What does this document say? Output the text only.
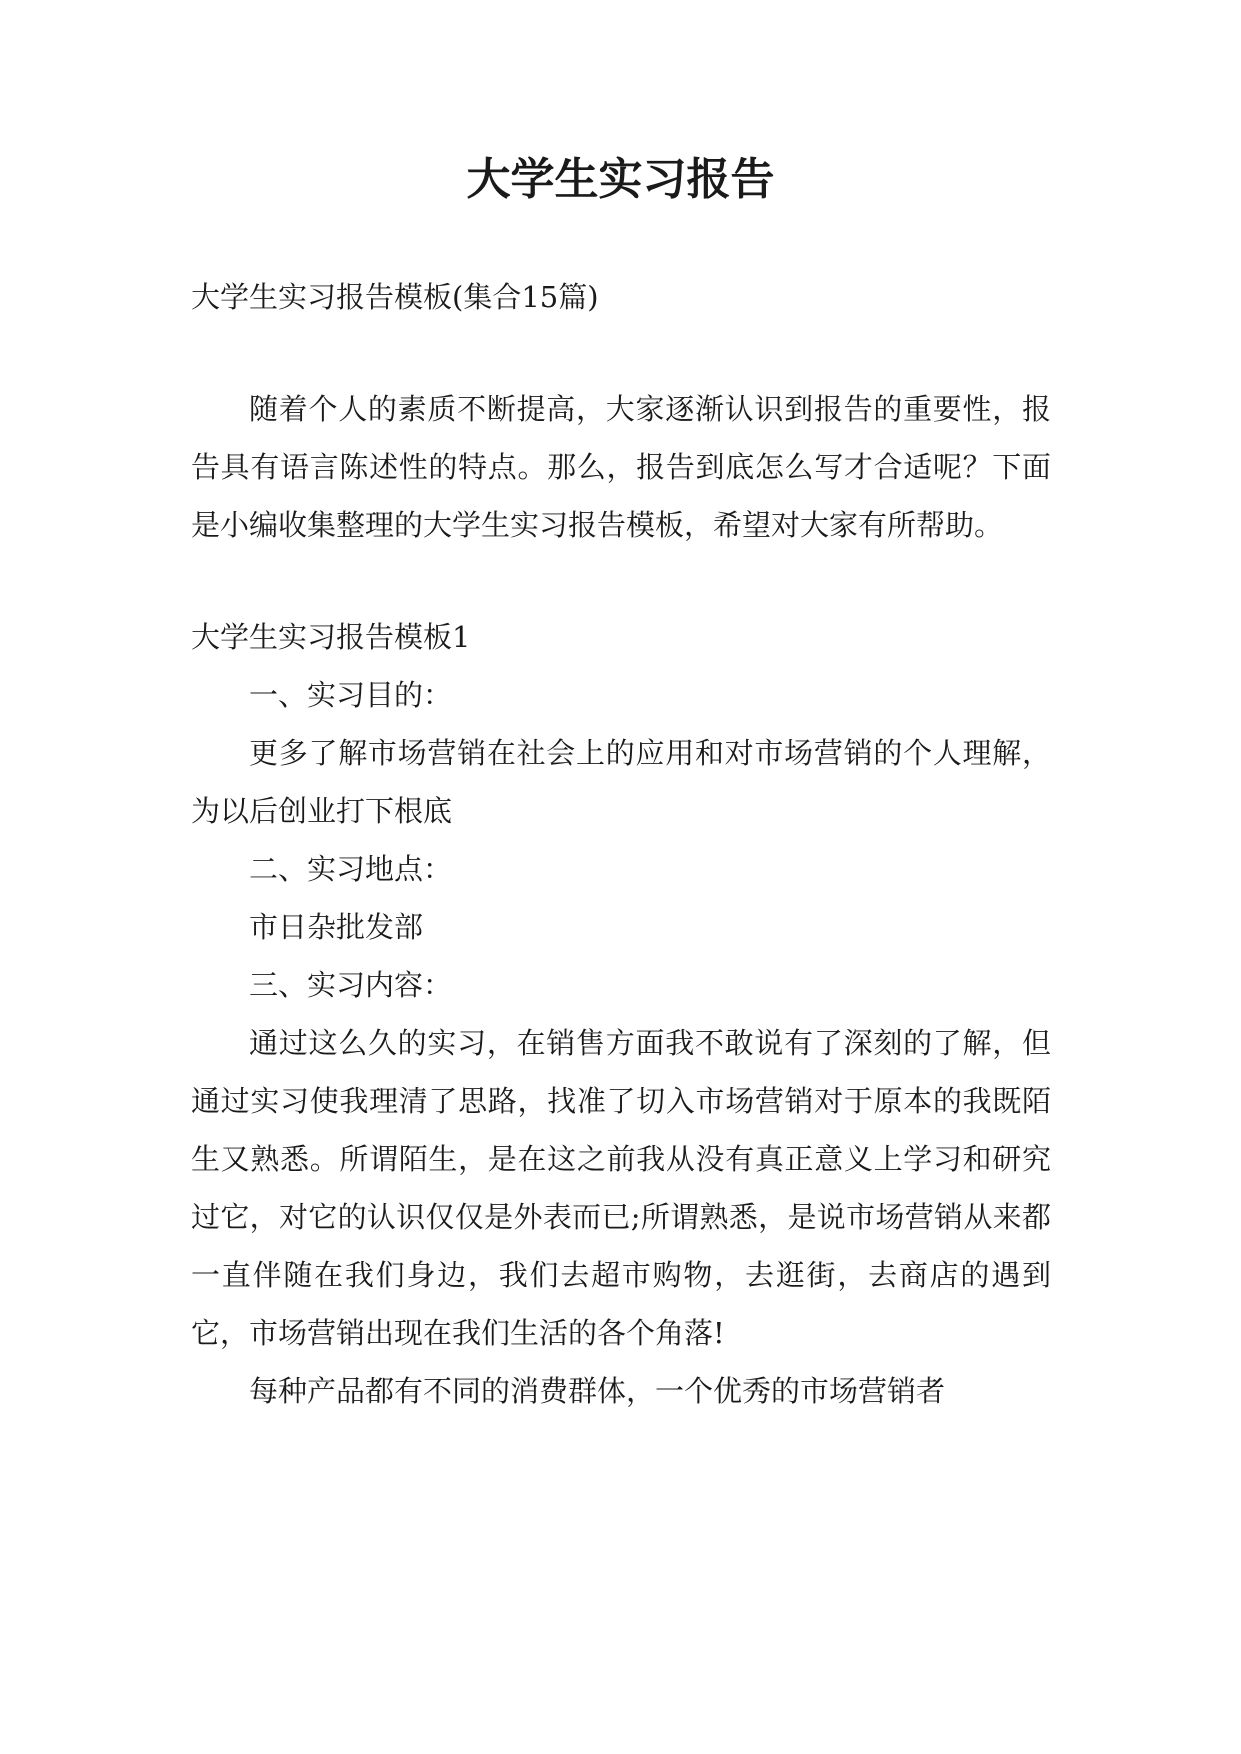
大学生实习报告

大学生实习报告模板(集合15篇)

随着个人的素质不断提高，大家逐渐认识到报告的重要性，报告具有语言陈述性的特点。那么，报告到底怎么写才合适呢？下面是小编收集整理的大学生实习报告模板，希望对大家有所帮助。

大学生实习报告模板1

一、实习目的：

更多了解市场营销在社会上的应用和对市场营销的个人理解，为以后创业打下根底

二、实习地点：

市日杂批发部

三、实习内容：

通过这么久的实习，在销售方面我不敢说有了深刻的了解，但通过实习使我理清了思路，找准了切入市场营销对于原本的我既陌生又熟悉。所谓陌生，是在这之前我从没有真正意义上学习和研究过它，对它的认识仅仅是外表而已;所谓熟悉，是说市场营销从来都一直伴随在我们身边，我们去超市购物，去逛街，去商店的遇到它，市场营销出现在我们生活的各个角落!

每种产品都有不同的消费群体，一个优秀的市场营销者
